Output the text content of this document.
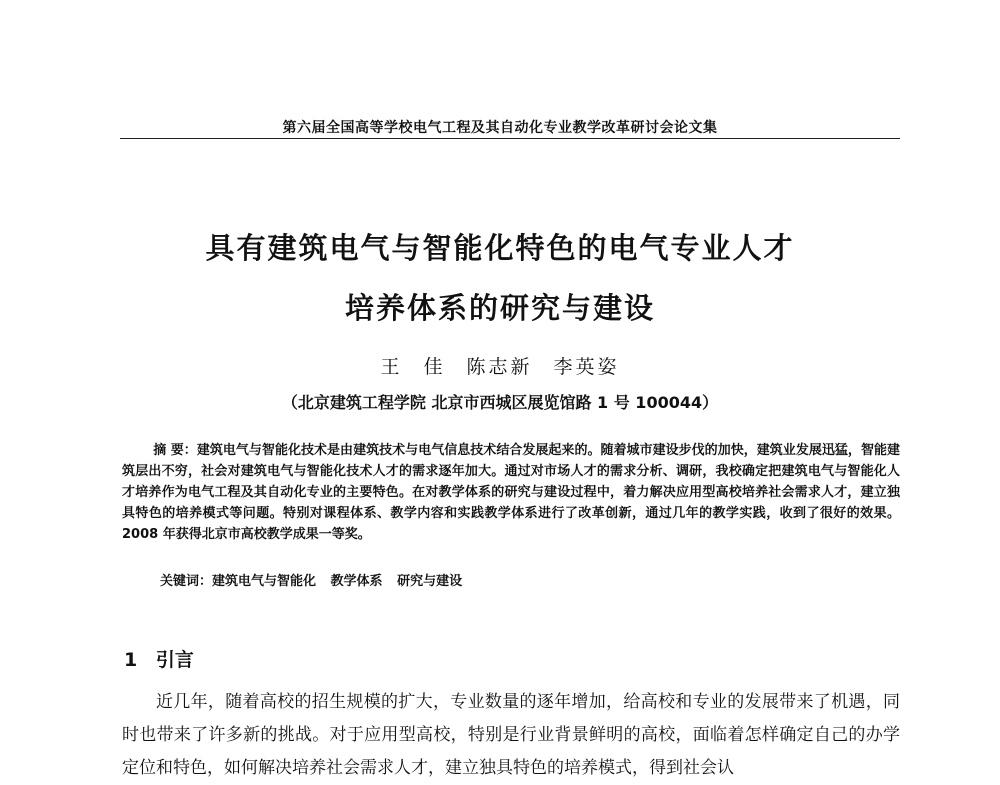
第六届全国高等学校电气工程及其自动化专业教学改革研讨会论文集
具有建筑电气与智能化特色的电气专业人才
培养体系的研究与建设
王 佳 陈志新 李英姿
（北京建筑工程学院 北京市西城区展览馆路 1 号 100044）
摘 要：建筑电气与智能化技术是由建筑技术与电气信息技术结合发展起来的。随着城市建设步伐的加快，建筑业发展迅猛，智能建筑层出不穷，社会对建筑电气与智能化技术人才的需求逐年加大。通过对市场人才的需求分析、调研，我校确定把建筑电气与智能化人才培养作为电气工程及其自动化专业的主要特色。在对教学体系的研究与建设过程中，着力解决应用型高校培养社会需求人才，建立独具特色的培养模式等问题。特别对课程体系、教学内容和实践教学体系进行了改革创新，通过几年的教学实践，收到了很好的效果。2008 年获得北京市高校教学成果一等奖。
关键词：建筑电气与智能化 教学体系 研究与建设
1 引言
近几年，随着高校的招生规模的扩大，专业数量的逐年增加，给高校和专业的发展带来了机遇，同时也带来了许多新的挑战。对于应用型高校，特别是行业背景鲜明的高校，面临着怎样确定自己的办学定位和特色，如何解决培养社会需求人才，建立独具特色的培养模式，得到社会认
